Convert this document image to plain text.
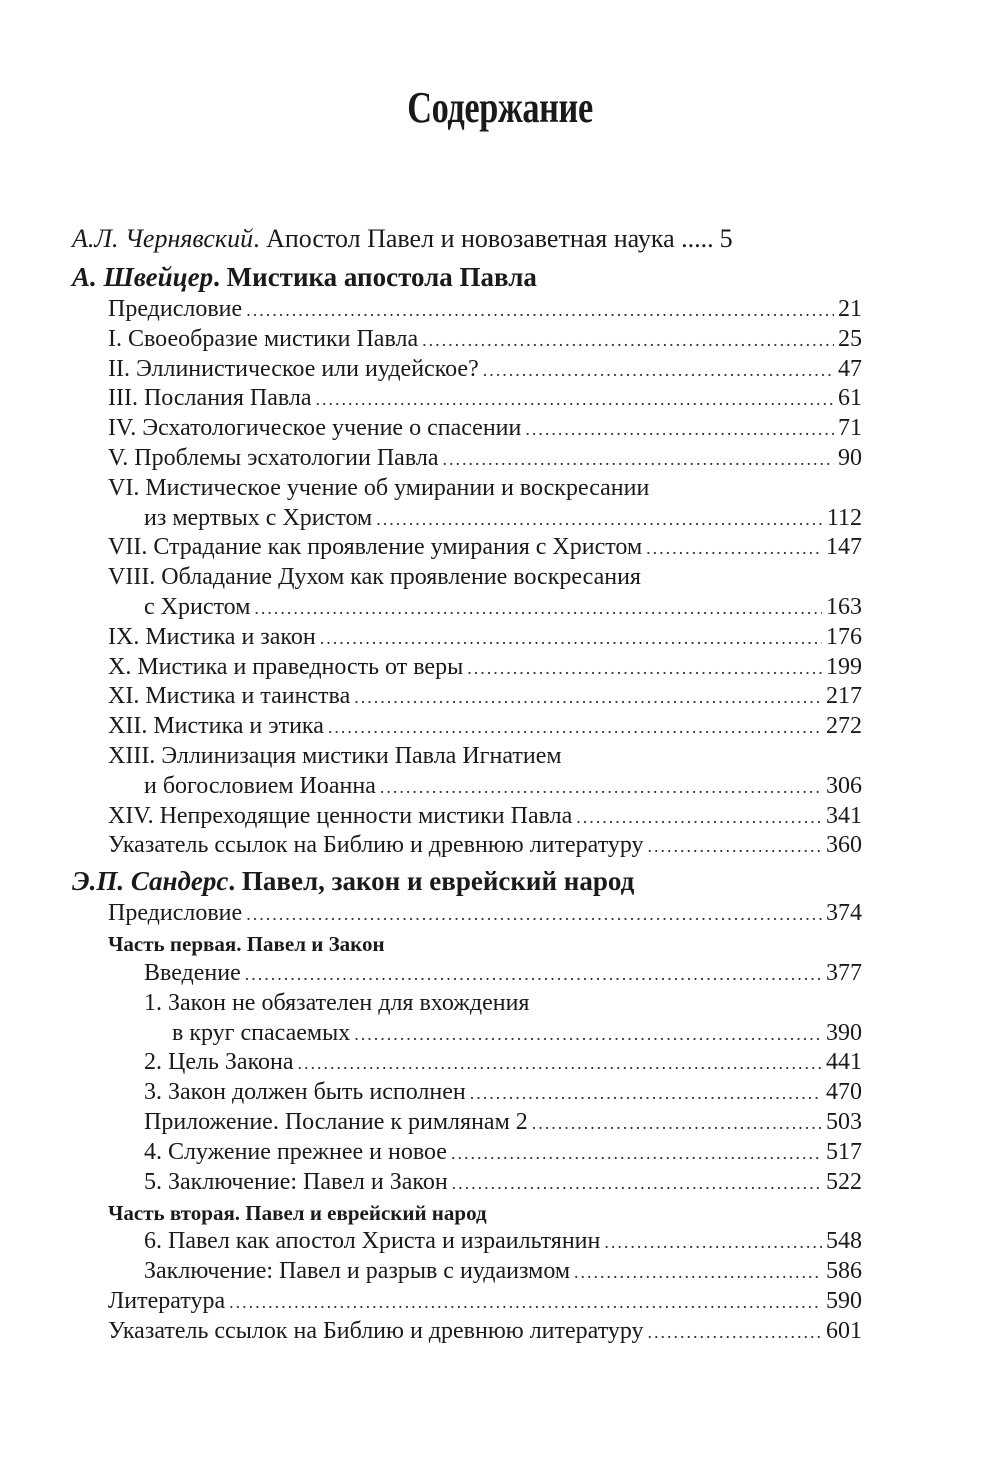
Содержание
А.Л. Чернявский. Апостол Павел и новозаветная наука ..... 5
А. Швейцер. Мистика апостола Павла
Предисловие .....	21
I. Своеобразие мистики Павла .....	25
II. Эллинистическое или иудейское? .....	47
III. Послания Павла .....	61
IV. Эсхатологическое учение о спасении .....	71
V. Проблемы эсхатологии Павла .....	90
VI. Мистическое учение об умирании и воскресании
из мертвых с Христом .....	112
VII. Страдание как проявление умирания с Христом .....	147
VIII. Обладание Духом как проявление воскресания
с Христом .....	163
IX. Мистика и закон .....	176
X. Мистика и праведность от веры .....	199
XI. Мистика и таинства .....	217
XII. Мистика и этика .....	272
XIII. Эллинизация мистики Павла Игнатием
и богословием Иоанна .....	306
XIV. Непреходящие ценности мистики Павла .....	341
Указатель ссылок на Библию и древнюю литературу .....	360
Э.П. Сандерс. Павел, закон и еврейский народ
Предисловие .....	374
Часть первая. Павел и Закон
Введение .....	377
1. Закон не обязателен для вхождения
в круг спасаемых .....	390
2. Цель Закона .....	441
3. Закон должен быть исполнен .....	470
Приложение. Послание к римлянам 2 .....	503
4. Служение прежнее и новое .....	517
5. Заключение: Павел и Закон .....	522
Часть вторая. Павел и еврейский народ
6. Павел как апостол Христа и израильтянин .....	548
Заключение: Павел и разрыв с иудаизмом .....	586
Литература .....	590
Указатель ссылок на Библию и древнюю литературу .....	601
